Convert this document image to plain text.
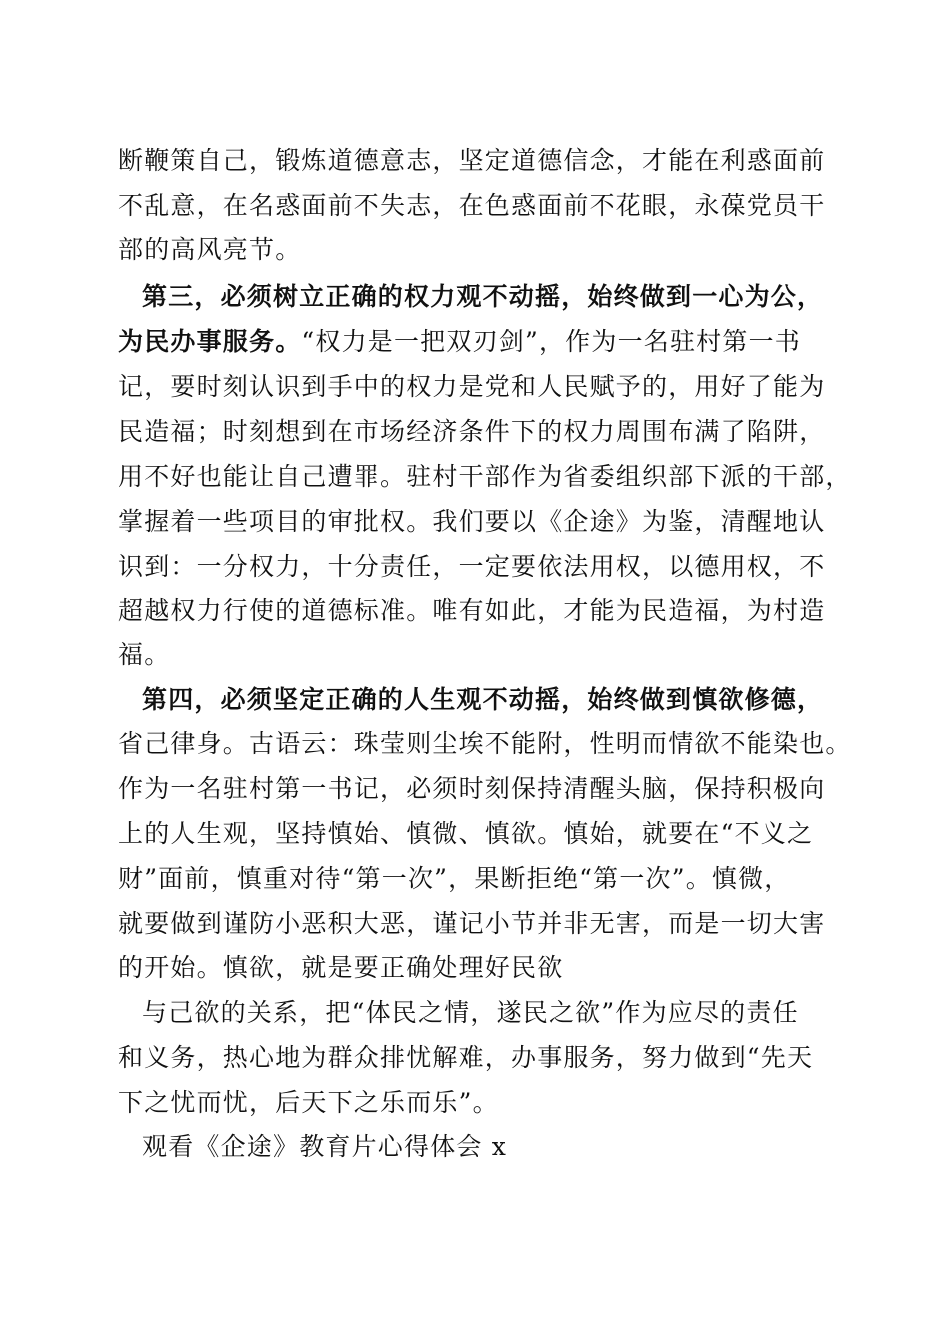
断鞭策自己，锻炼道德意志，坚定道德信念，才能在利惑面前
不乱意，在名惑面前不失志，在色惑面前不花眼，永葆党员干
部的高风亮节。
第三，必须树立正确的权力观不动摇，始终做到一心为公，
为民办事服务。“权力是一把双刃剑”，作为一名驻村第一书
记，要时刻认识到手中的权力是党和人民赋予的，用好了能为
民造福；时刻想到在市场经济条件下的权力周围布满了陷阱，
用不好也能让自己遭罪。驻村干部作为省委组织部下派的干部，
掌握着一些项目的审批权。我们要以《企途》为鉴，清醒地认
识到：一分权力，十分责任，一定要依法用权，以德用权，不
超越权力行使的道德标准。唯有如此，才能为民造福，为村造
福。
第四，必须坚定正确的人生观不动摇，始终做到慎欲修德，
省己律身。古语云：珠莹则尘埃不能附，性明而情欲不能染也。
作为一名驻村第一书记，必须时刻保持清醒头脑，保持积极向
上的人生观，坚持慎始、慎微、慎欲。慎始，就要在“不义之
财”面前，慎重对待“第一次”，果断拒绝“第一次”。慎微，
就要做到谨防小恶积大恶，谨记小节并非无害，而是一切大害
的开始。慎欲，就是要正确处理好民欲
与己欲的关系，把“体民之情，遂民之欲”作为应尽的责任
和义务，热心地为群众排忧解难，办事服务，努力做到“先天
下之忧而忧，后天下之乐而乐”。
观看《企途》教育片心得体会 x
